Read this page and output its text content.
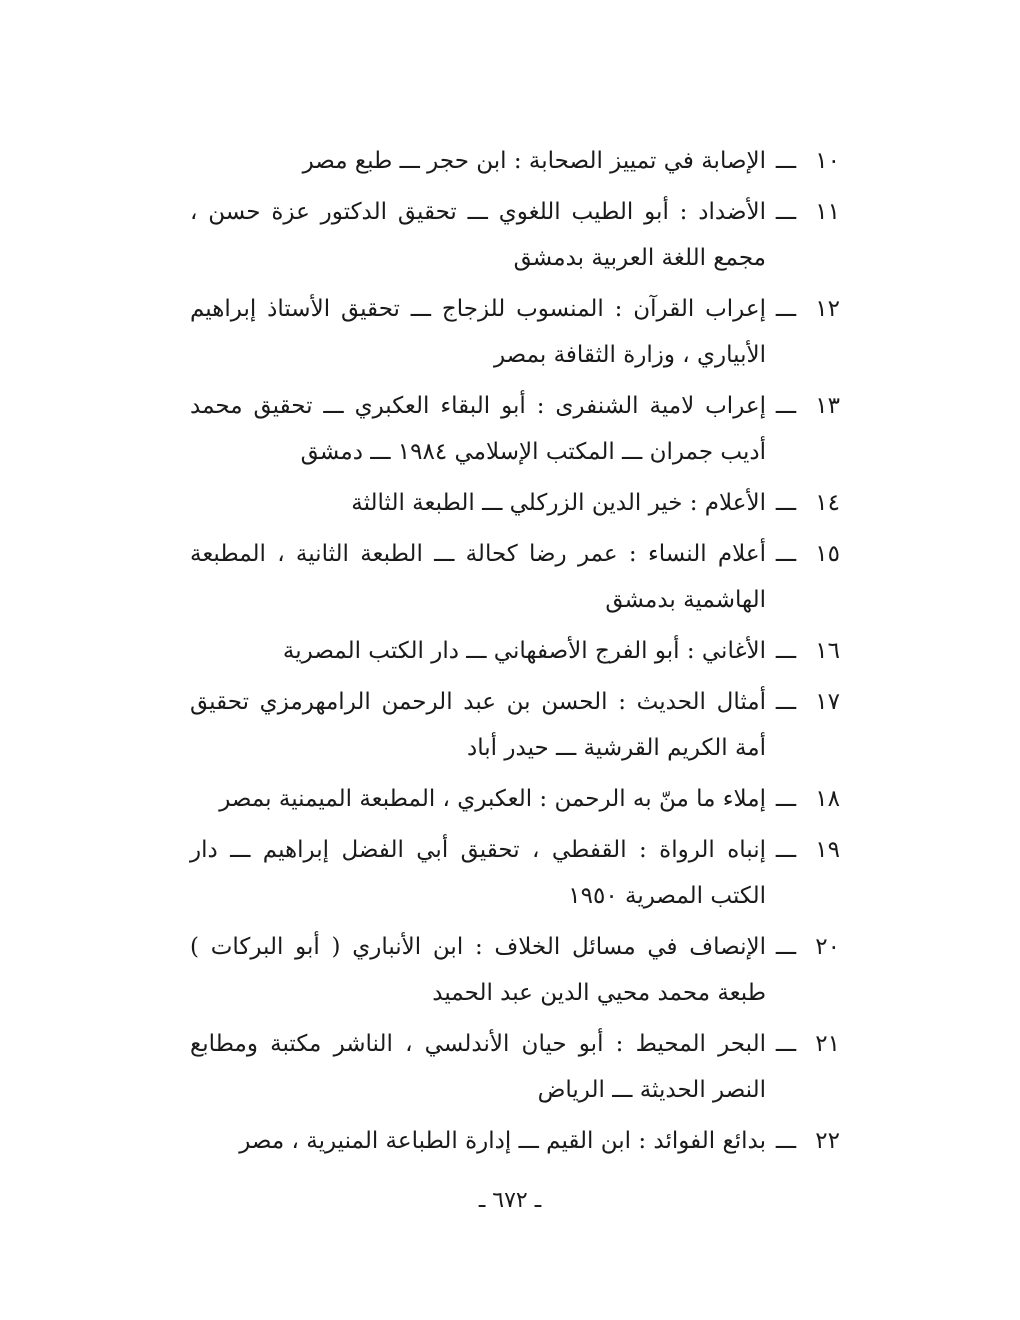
١٠
ـــ
الإصابة في تمييز الصحابة : ابن حجر ـــ طبع مصر
١١
ـــ
الأضداد : أبو الطيب اللغوي ـــ تحقيق الدكتور عزة حسن ، مجمع اللغة العربية بدمشق
١٢
ـــ
إعراب القرآن : المنسوب للزجاج ـــ تحقيق الأستاذ إبراهيم الأبياري ، وزارة الثقافة بمصر
١٣
ـــ
إعراب لامية الشنفرى : أبو البقاء العكبري ـــ تحقيق محمد أديب جمران ـــ المكتب الإسلامي ١٩٨٤ ـــ دمشق
١٤
ـــ
الأعلام : خير الدين الزركلي ـــ الطبعة الثالثة
١٥
ـــ
أعلام النساء : عمر رضا كحالة ـــ الطبعة الثانية ، المطبعة الهاشمية بدمشق
١٦
ـــ
الأغاني : أبو الفرج الأصفهاني ـــ دار الكتب المصرية
١٧
ـــ
أمثال الحديث : الحسن بن عبد الرحمن الرامهرمزي تحقيق أمة الكريم القرشية ـــ حيدر أباد
١٨
ـــ
إملاء ما منّ به الرحمن : العكبري ، المطبعة الميمنية بمصر
١٩
ـــ
إنباه الرواة : القفطي ، تحقيق أبي الفضل إبراهيم ـــ دار الكتب المصرية ١٩٥٠
٢٠
ـــ
الإنصاف في مسائل الخلاف : ابن الأنباري ( أبو البركات ) طبعة محمد محيي الدين عبد الحميد
٢١
ـــ
البحر المحيط : أبو حيان الأندلسي ، الناشر مكتبة ومطابع النصر الحديثة ـــ الرياض
٢٢
ـــ
بدائع الفوائد : ابن القيم ـــ إدارة الطباعة المنيرية ، مصر
ـ ٦٧٢ ـ
